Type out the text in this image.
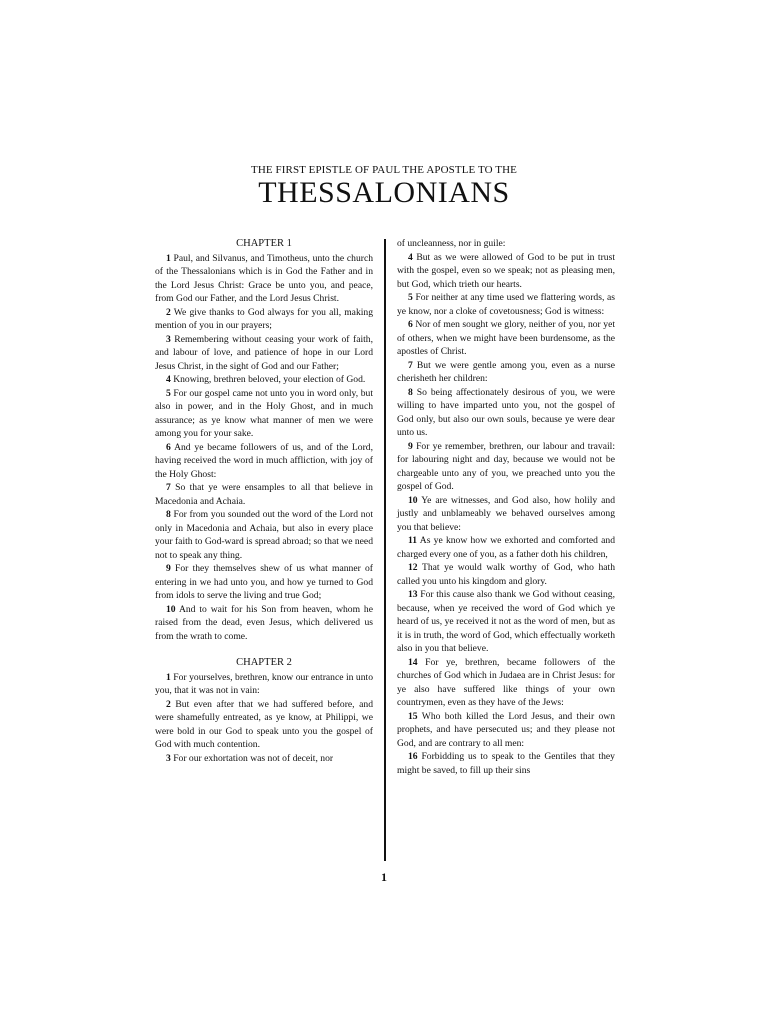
THE FIRST EPISTLE OF PAUL THE APOSTLE TO THE
THESSALONIANS
CHAPTER 1

1 Paul, and Silvanus, and Timotheus, unto the church of the Thessalonians which is in God the Father and in the Lord Jesus Christ: Grace be unto you, and peace, from God our Father, and the Lord Jesus Christ.

2 We give thanks to God always for you all, making mention of you in our prayers;

3 Remembering without ceasing your work of faith, and labour of love, and patience of hope in our Lord Jesus Christ, in the sight of God and our Father;

4 Knowing, brethren beloved, your election of God.

5 For our gospel came not unto you in word only, but also in power, and in the Holy Ghost, and in much assurance; as ye know what manner of men we were among you for your sake.

6 And ye became followers of us, and of the Lord, having received the word in much affliction, with joy of the Holy Ghost:

7 So that ye were ensamples to all that believe in Macedonia and Achaia.

8 For from you sounded out the word of the Lord not only in Macedonia and Achaia, but also in every place your faith to God-ward is spread abroad; so that we need not to speak any thing.

9 For they themselves shew of us what manner of entering in we had unto you, and how ye turned to God from idols to serve the living and true God;

10 And to wait for his Son from heaven, whom he raised from the dead, even Jesus, which delivered us from the wrath to come.

CHAPTER 2

1 For yourselves, brethren, know our entrance in unto you, that it was not in vain:

2 But even after that we had suffered before, and were shamefully entreated, as ye know, at Philippi, we were bold in our God to speak unto you the gospel of God with much contention.

3 For our exhortation was not of deceit, nor

of uncleanness, nor in guile:

4 But as we were allowed of God to be put in trust with the gospel, even so we speak; not as pleasing men, but God, which trieth our hearts.

5 For neither at any time used we flattering words, as ye know, nor a cloke of covetousness; God is witness:

6 Nor of men sought we glory, neither of you, nor yet of others, when we might have been burdensome, as the apostles of Christ.

7 But we were gentle among you, even as a nurse cherisheth her children:

8 So being affectionately desirous of you, we were willing to have imparted unto you, not the gospel of God only, but also our own souls, because ye were dear unto us.

9 For ye remember, brethren, our labour and travail: for labouring night and day, because we would not be chargeable unto any of you, we preached unto you the gospel of God.

10 Ye are witnesses, and God also, how holily and justly and unblameably we behaved ourselves among you that believe:

11 As ye know how we exhorted and comforted and charged every one of you, as a father doth his children,

12 That ye would walk worthy of God, who hath called you unto his kingdom and glory.

13 For this cause also thank we God without ceasing, because, when ye received the word of God which ye heard of us, ye received it not as the word of men, but as it is in truth, the word of God, which effectually worketh also in you that believe.

14 For ye, brethren, became followers of the churches of God which in Judaea are in Christ Jesus: for ye also have suffered like things of your own countrymen, even as they have of the Jews:

15 Who both killed the Lord Jesus, and their own prophets, and have persecuted us; and they please not God, and are contrary to all men:

16 Forbidding us to speak to the Gentiles that they might be saved, to fill up their sins

1
